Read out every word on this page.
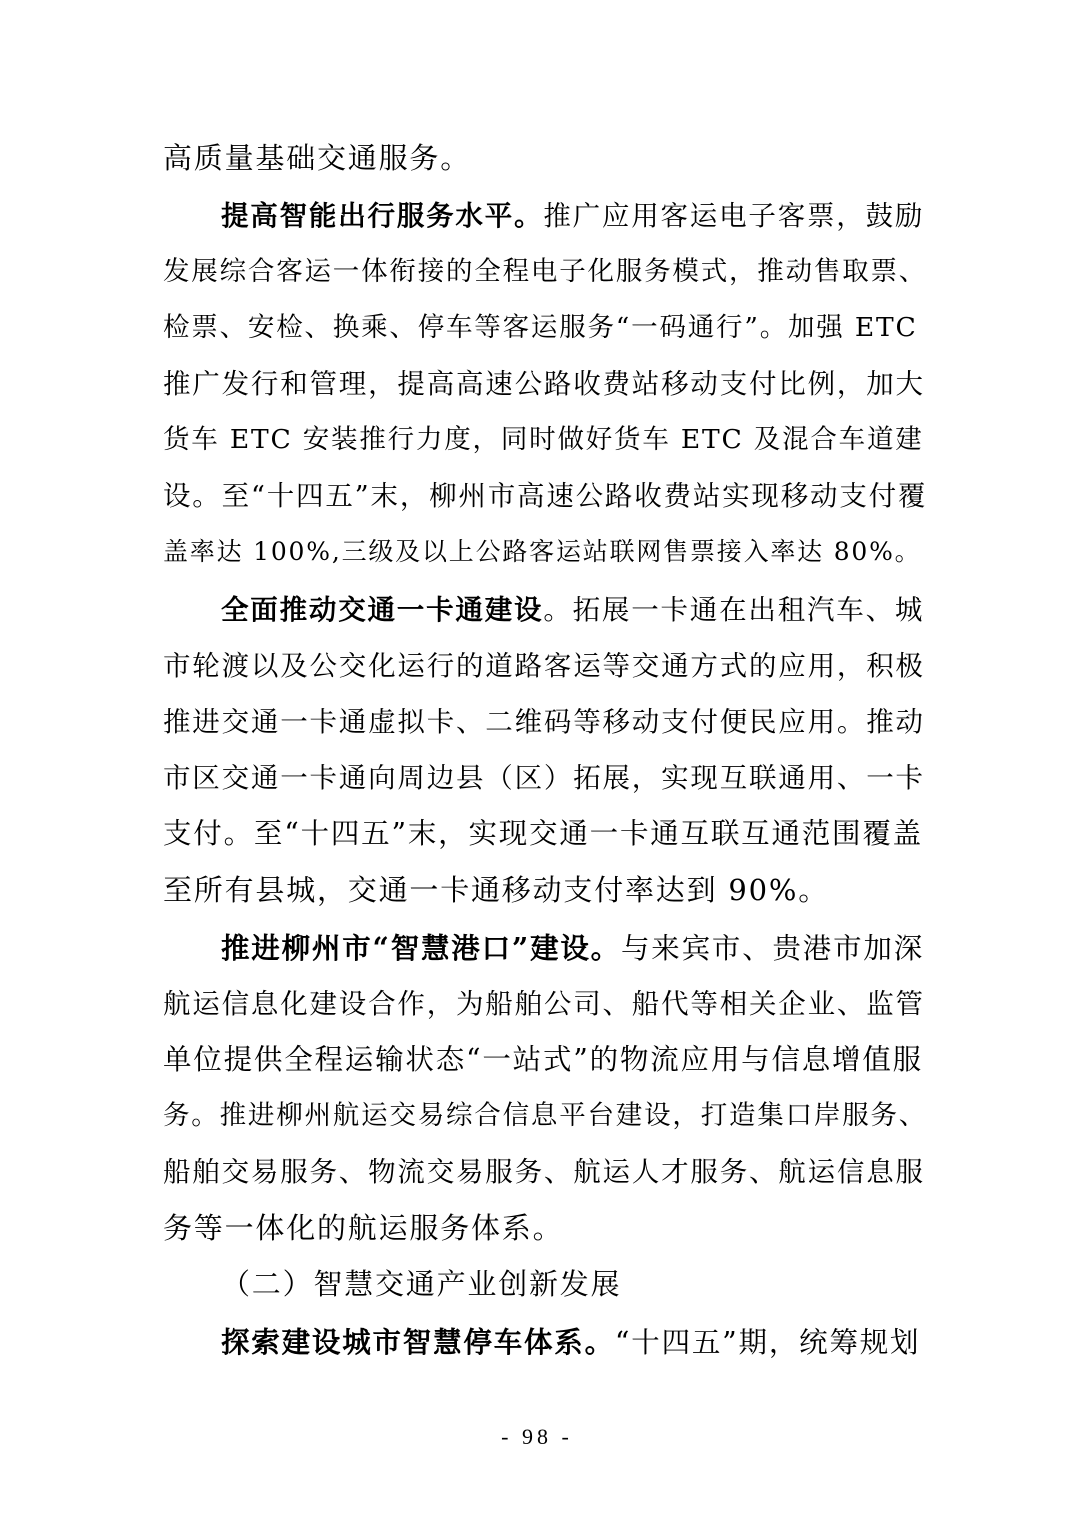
高质量基础交通服务。
提高智能出行服务水平。推广应用客运电子客票，鼓励
发展综合客运一体衔接的全程电子化服务模式，推动售取票、
检票、安检、换乘、停车等客运服务“一码通行”。加强 ETC
推广发行和管理，提高高速公路收费站移动支付比例，加大
货车 ETC 安装推行力度，同时做好货车 ETC 及混合车道建
设。至“十四五”末，柳州市高速公路收费站实现移动支付覆
盖率达 100%,三级及以上公路客运站联网售票接入率达 80%。
全面推动交通一卡通建设。拓展一卡通在出租汽车、城
市轮渡以及公交化运行的道路客运等交通方式的应用，积极
推进交通一卡通虚拟卡、二维码等移动支付便民应用。推动
市区交通一卡通向周边县（区）拓展，实现互联通用、一卡
支付。至“十四五”末，实现交通一卡通互联互通范围覆盖
至所有县城，交通一卡通移动支付率达到 90%。
推进柳州市“智慧港口”建设。与来宾市、贵港市加深
航运信息化建设合作，为船舶公司、船代等相关企业、监管
单位提供全程运输状态“一站式”的物流应用与信息增值服
务。推进柳州航运交易综合信息平台建设，打造集口岸服务、
船舶交易服务、物流交易服务、航运人才服务、航运信息服
务等一体化的航运服务体系。
（二）智慧交通产业创新发展
探索建设城市智慧停车体系。“十四五”期，统筹规划
- 98 -
